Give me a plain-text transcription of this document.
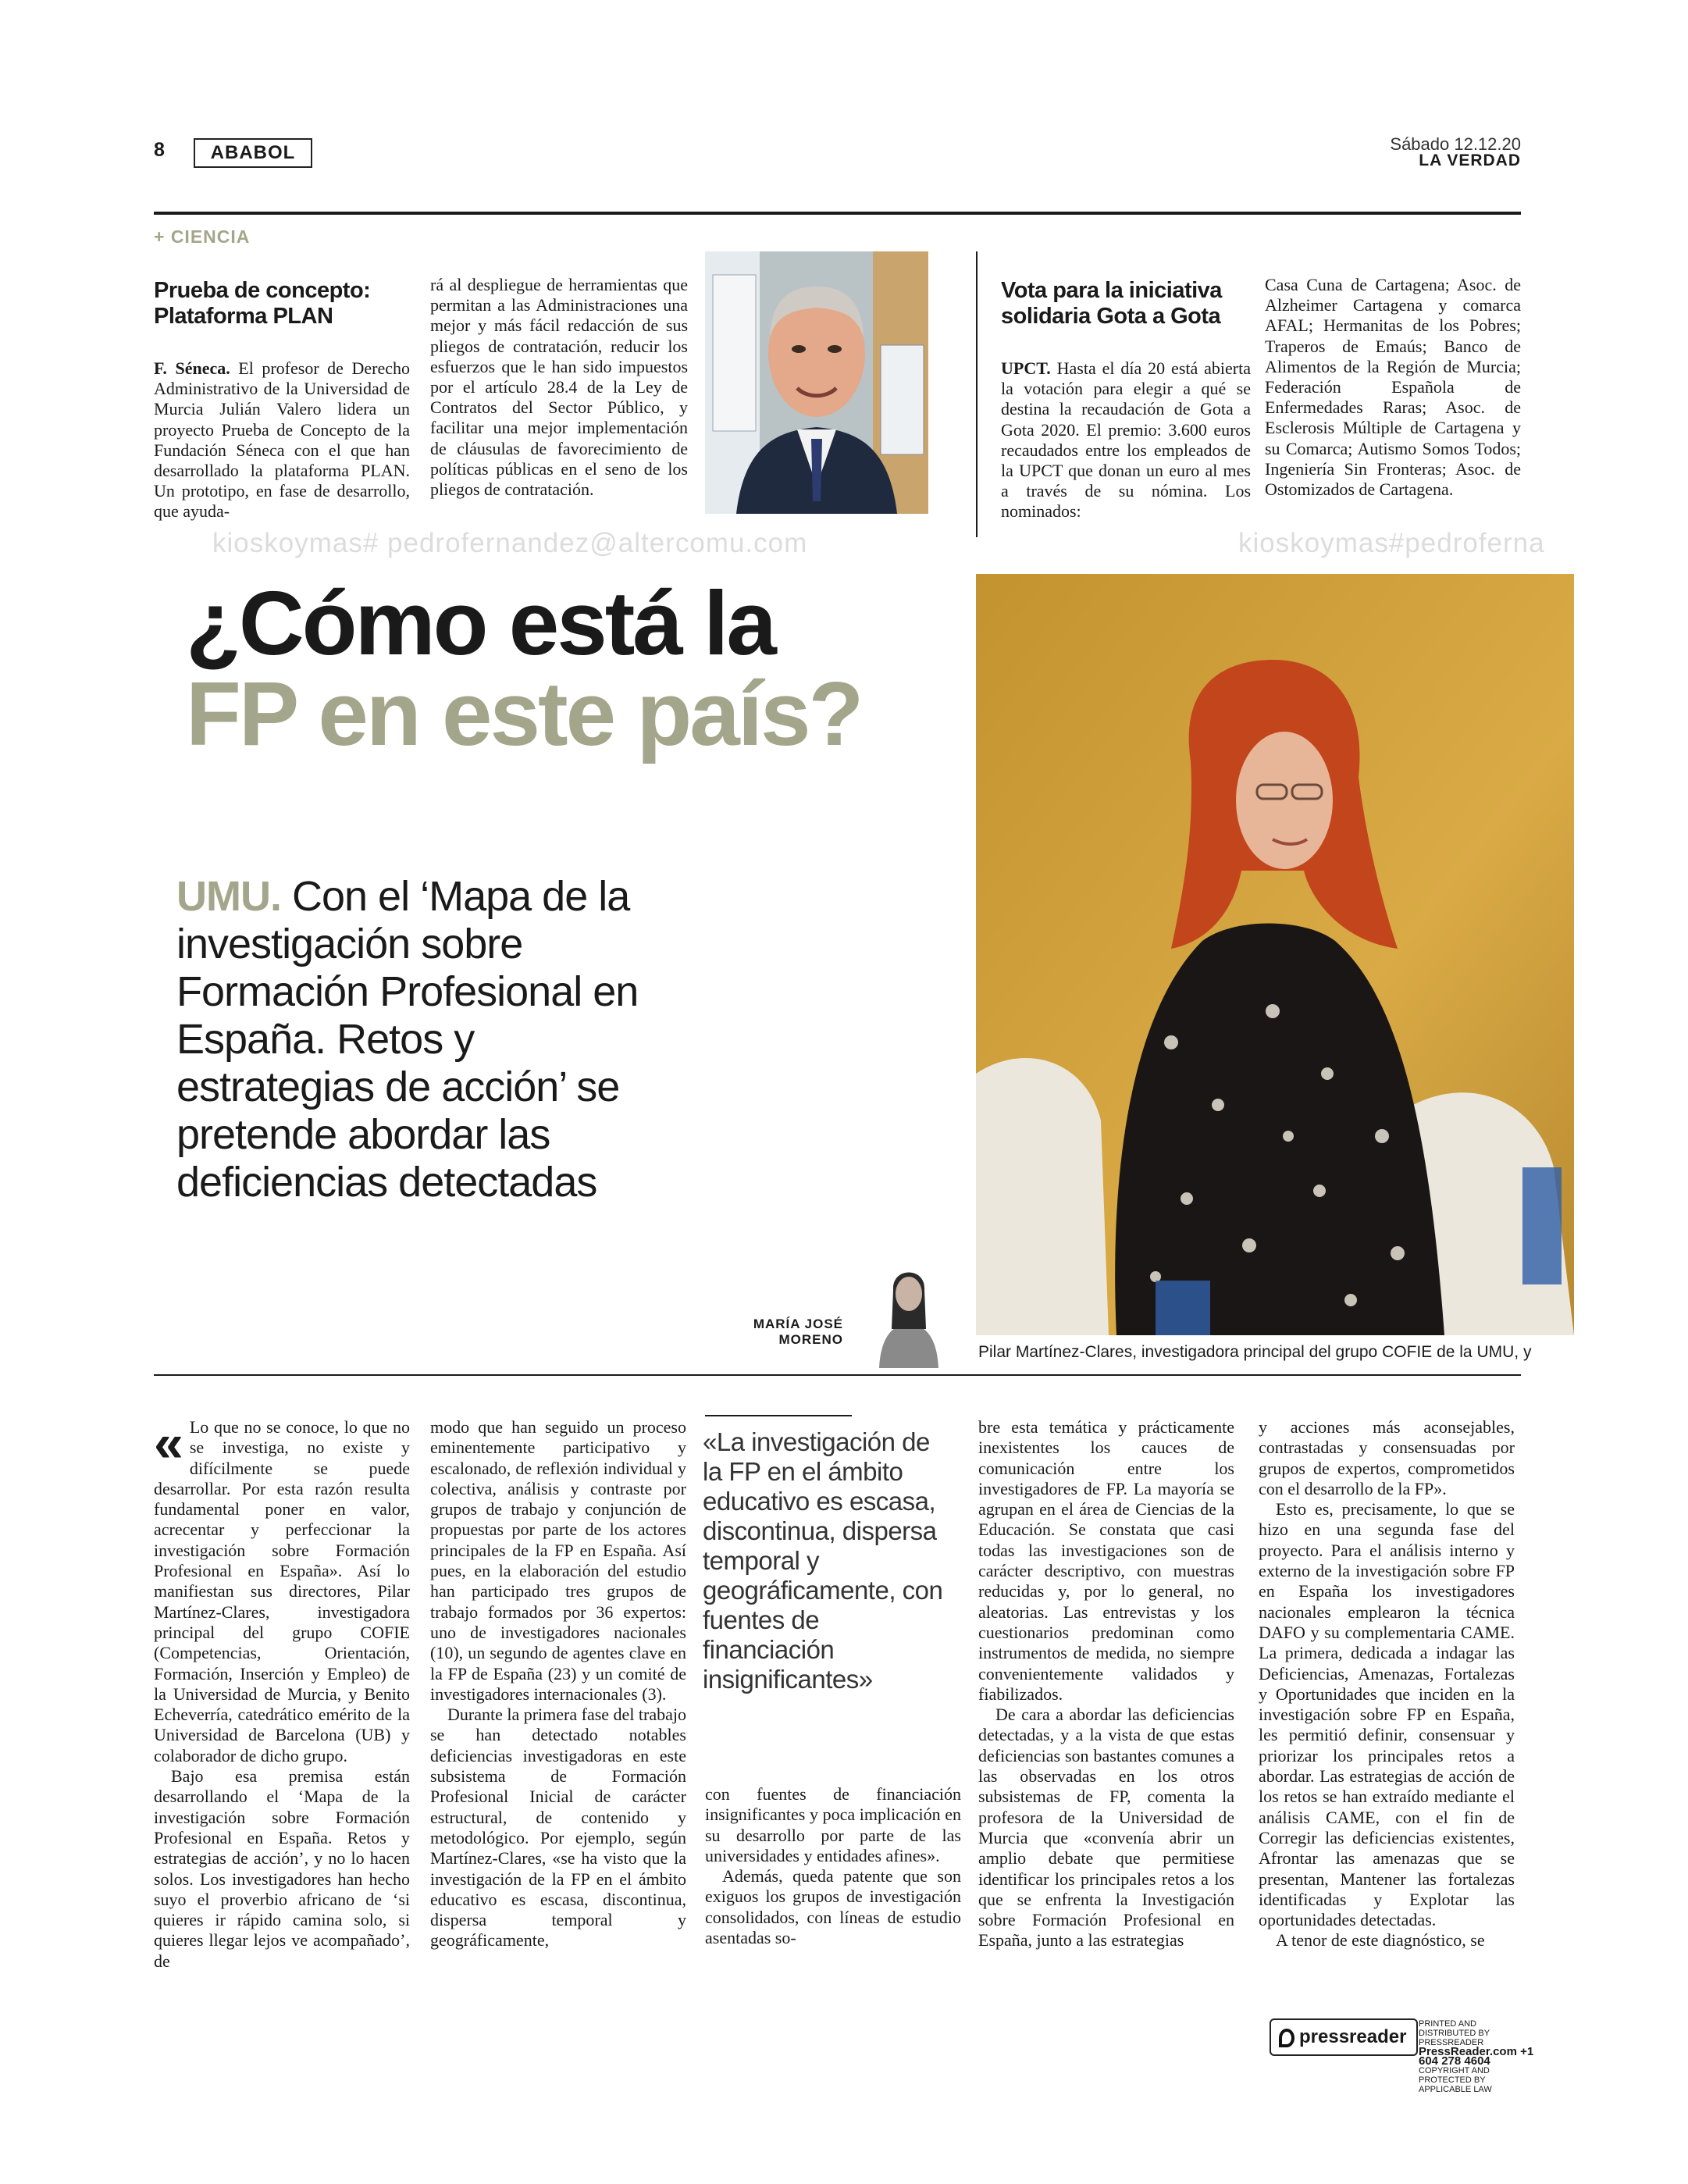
8	ABABOL	Sábado 12.12.20
LA VERDAD
+ CIENCIA
Prueba de concepto: Plataforma PLAN
F. Séneca. El profesor de Derecho Administrativo de la Universidad de Murcia Julián Valero lidera un proyecto Prueba de Concepto de la Fundación Séneca con el que han desarrollado la plataforma PLAN. Un prototipo, en fase de desarrollo, que ayuda-
rá al despliegue de herramientas que permitan a las Administraciones una mejor y más fácil redacción de sus pliegos de contratación, reducir los esfuerzos que le han sido impuestos por el artículo 28.4 de la Ley de Contratos del Sector Público, y facilitar una mejor implementación de cláusulas de favorecimiento de políticas públicas en el seno de los pliegos de contratación.
Vota para la iniciativa solidaria Gota a Gota
UPCT. Hasta el día 20 está abierta la votación para elegir a qué se destina la recaudación de Gota a Gota 2020. El premio: 3.600 euros recaudados entre los empleados de la UPCT que donan un euro al mes a través de su nómina. Los nominados:
Casa Cuna de Cartagena; Asoc. de Alzheimer Cartagena y comarca AFAL; Hermanitas de los Pobres; Traperos de Emaús; Banco de Alimentos de la Región de Murcia; Federación Española de Enfermedades Raras; Asoc. de Esclerosis Múltiple de Cartagena y su Comarca; Autismo Somos Todos; Ingeniería Sin Fronteras; Asoc. de Ostomizados de Cartagena.
kioskoymas# pedrofernandez@altercomu.com	kioskoymas#pedroferna
¿Cómo está la
FP en este país?
UMU. Con el ‘Mapa de la investigación sobre Formación Profesional en España. Retos y estrategias de acción’ se pretende abordar las deficiencias detectadas
MARÍA JOSÉ MORENO
Pilar Martínez-Clares, investigadora principal del grupo COFIE de la UMU, y
« Lo que no se conoce, lo que no se investiga, no existe y difícilmente se puede desarrollar. Por esta razón resulta fundamental poner en valor, acrecentar y perfeccionar la investigación sobre Formación Profesional en España». Así lo manifiestan sus directores, Pilar Martínez-Clares, investigadora principal del grupo COFIE (Competencias, Orientación, Formación, Inserción y Empleo) de la Universidad de Murcia, y Benito Echeverría, catedrático emérito de la Universidad de Barcelona (UB) y colaborador de dicho grupo.

Bajo esa premisa están desarrollando el ‘Mapa de la investigación sobre Formación Profesional en España. Retos y estrategias de acción’, y no lo hacen solos. Los investigadores han hecho suyo el proverbio africano de ‘si quieres ir rápido camina solo, si quieres llegar lejos ve acompañado’, de

modo que han seguido un proceso eminentemente participativo y escalonado, de reflexión individual y colectiva, análisis y contraste por grupos de trabajo y conjunción de propuestas por parte de los actores principales de la FP en España. Así pues, en la elaboración del estudio han participado tres grupos de trabajo formados por 36 expertos: uno de investigadores nacionales (10), un segundo de agentes clave en la FP de España (23) y un comité de investigadores internacionales (3).

Durante la primera fase del trabajo se han detectado notables deficiencias investigadoras en este subsistema de Formación Profesional Inicial de carácter estructural, de contenido y metodológico. Por ejemplo, según Martínez-Clares, «se ha visto que la investigación de la FP en el ámbito educativo es escasa, discontinua, dispersa temporal y geográficamente,

«La investigación de la FP en el ámbito educativo es escasa, discontinua, dispersa temporal y geográficamente, con fuentes de financiación insignificantes»

con fuentes de financiación insignificantes y poca implicación en su desarrollo por parte de las universidades y entidades afines».

Además, queda patente que son exiguos los grupos de investigación consolidados, con líneas de estudio asentadas so-

bre esta temática y prácticamente inexistentes los cauces de comunicación entre los investigadores de FP. La mayoría se agrupan en el área de Ciencias de la Educación. Se constata que casi todas las investigaciones son de carácter descriptivo, con muestras reducidas y, por lo general, no aleatorias. Las entrevistas y los cuestionarios predominan como instrumentos de medida, no siempre convenientemente validados y fiabilizados.

De cara a abordar las deficiencias detectadas, y a la vista de que estas deficiencias son bastantes comunes a las observadas en los otros subsistemas de FP, comenta la profesora de la Universidad de Murcia que «convenía abrir un amplio debate que permitiese identificar los principales retos a los que se enfrenta la Investigación sobre Formación Profesional en España, junto a las estrategias

y acciones más aconsejables, contrastadas y consensuadas por grupos de expertos, comprometidos con el desarrollo de la FP».

Esto es, precisamente, lo que se hizo en una segunda fase del proyecto. Para el análisis interno y externo de la investigación sobre FP en España los investigadores nacionales emplearon la técnica DAFO y su complementaria CAME. La primera, dedicada a indagar las Deficiencias, Amenazas, Fortalezas y Oportunidades que inciden en la investigación sobre FP en España, les permitió definir, consensuar y priorizar los principales retos a abordar. Las estrategias de acción de los retos se han extraído mediante el análisis CAME, con el fin de Corregir las deficiencias existentes, Afrontar las amenazas que se presentan, Mantener las fortalezas identificadas y Explotar las oportunidades detectadas.

A tenor de este diagnóstico, se

pressreader
PRINTED AND DISTRIBUTED BY PRESSREADER
PressReader.com +1 604 278 4604
COPYRIGHT AND PROTECTED BY APPLICABLE LAW
